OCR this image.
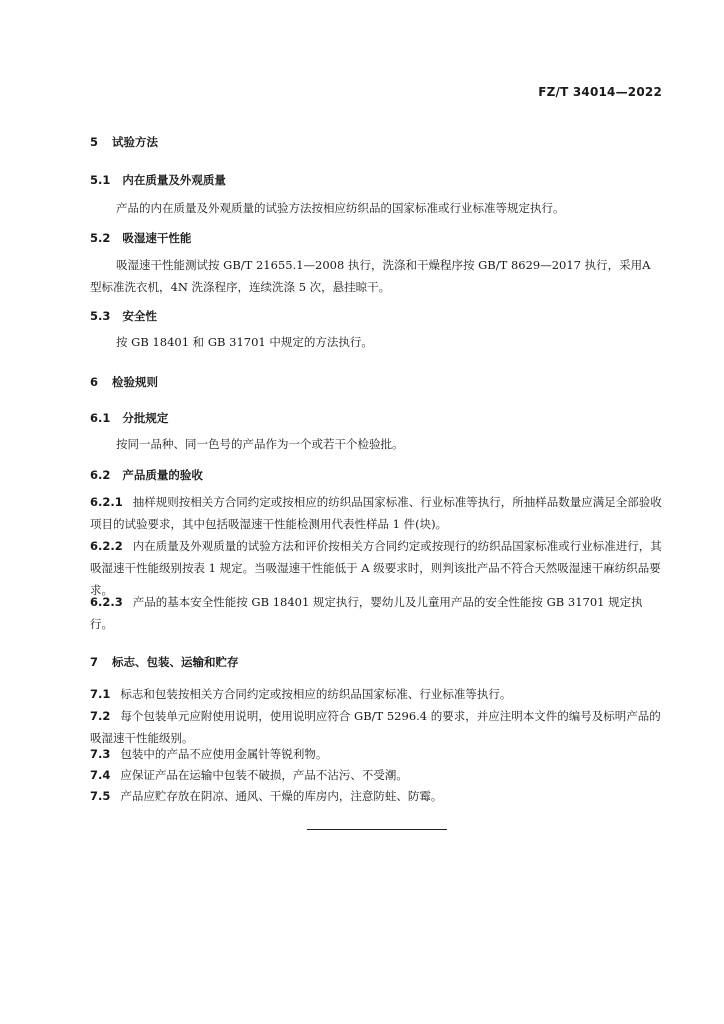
FZ/T 34014—2022
5 试验方法
5.1 内在质量及外观质量
产品的内在质量及外观质量的试验方法按相应纺织品的国家标准或行业标准等规定执行。
5.2 吸湿速干性能
吸湿速干性能测试按 GB/T 21655.1—2008 执行，洗涤和干燥程序按 GB/T 8629—2017 执行，采用A 型标准洗衣机，4N 洗涤程序，连续洗涤 5 次，悬挂晾干。
5.3 安全性
按 GB 18401 和 GB 31701 中规定的方法执行。
6 检验规则
6.1 分批规定
按同一品种、同一色号的产品作为一个或若干个检验批。
6.2 产品质量的验收
6.2.1 抽样规则按相关方合同约定或按相应的纺织品国家标准、行业标准等执行，所抽样品数量应满足全部验收项目的试验要求，其中包括吸湿速干性能检测用代表性样品 1 件(块)。
6.2.2 内在质量及外观质量的试验方法和评价按相关方合同约定或按现行的纺织品国家标准或行业标准进行，其吸湿速干性能级别按表 1 规定。当吸湿速干性能低于 A 级要求时，则判该批产品不符合天然吸湿速干麻纺织品要求。
6.2.3 产品的基本安全性能按 GB 18401 规定执行，婴幼儿及儿童用产品的安全性能按 GB 31701 规定执行。
7 标志、包装、运输和贮存
7.1 标志和包装按相关方合同约定或按相应的纺织品国家标准、行业标准等执行。
7.2 每个包装单元应附使用说明，使用说明应符合 GB/T 5296.4 的要求，并应注明本文件的编号及标明产品的吸湿速干性能级别。
7.3 包装中的产品不应使用金属针等锐利物。
7.4 应保证产品在运输中包装不破损，产品不沾污、不受潮。
7.5 产品应贮存放在阴凉、通风、干燥的库房内，注意防蛀、防霉。
